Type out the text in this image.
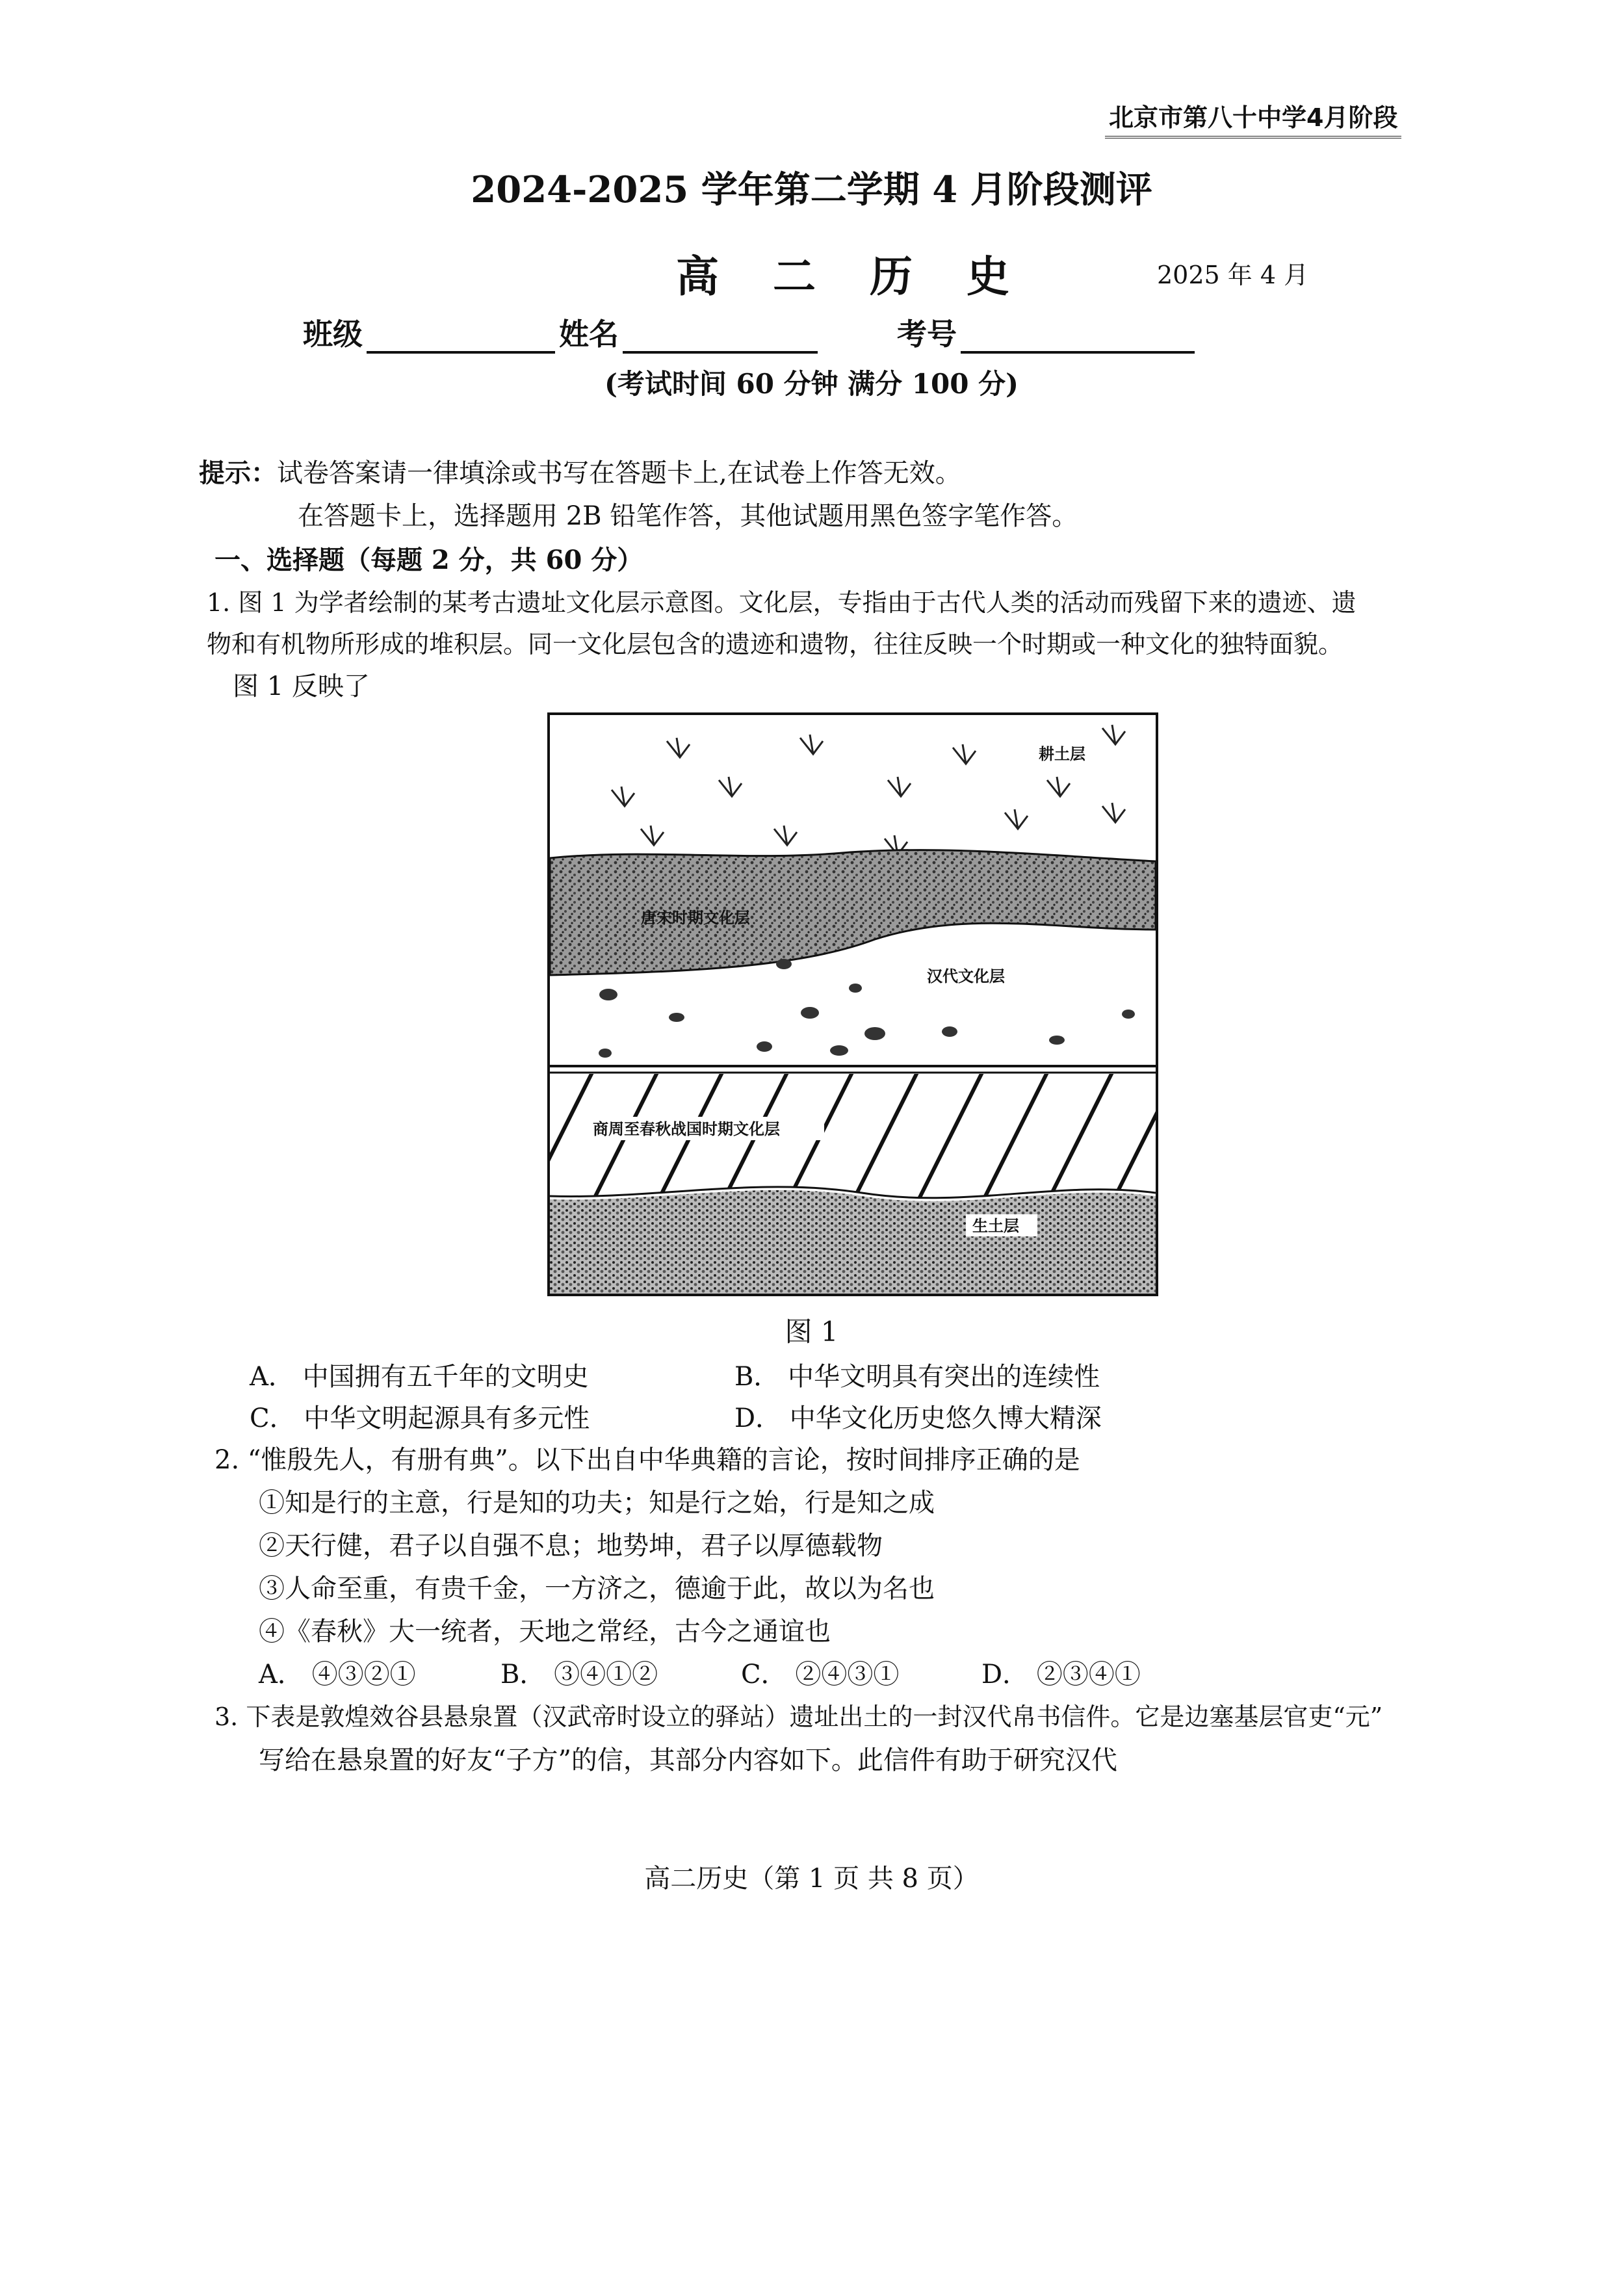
北京市第八十中学4月阶段
2024-2025 学年第二学期 4 月阶段测评
高 二 历 史	2025 年 4 月
班级	姓名	考号
(考试时间 60 分钟 满分 100 分)
提示：试卷答案请一律填涂或书写在答题卡上,在试卷上作答无效。
在答题卡上，选择题用 2B 铅笔作答，其他试题用黑色签字笔作答。
一、选择题（每题 2 分，共 60 分）
1. 图 1 为学者绘制的某考古遗址文化层示意图。文化层，专指由于古代人类的活动而残留下来的遗迹、遗
物和有机物所形成的堆积层。同一文化层包含的遗迹和遗物，往往反映一个时期或一种文化的独特面貌。
图 1 反映了
耕土层
唐宋时期文化层
汉代文化层
商周至春秋战国时期文化层
生土层
图 1
A． 中国拥有五千年的文明史	B． 中华文明具有突出的连续性
C． 中华文明起源具有多元性	D． 中华文化历史悠久博大精深
2. “惟殷先人，有册有典”。以下出自中华典籍的言论，按时间排序正确的是
①知是行的主意，行是知的功夫；知是行之始，行是知之成
②天行健，君子以自强不息；地势坤，君子以厚德载物
③人命至重，有贵千金，一方济之，德逾于此，故以为名也
④《春秋》大一统者，天地之常经，古今之通谊也
A． ④③②①	B． ③④①②	C． ②④③①	D． ②③④①
3. 下表是敦煌效谷县悬泉置（汉武帝时设立的驿站）遗址出土的一封汉代帛书信件。它是边塞基层官吏“元”
写给在悬泉置的好友“子方”的信，其部分内容如下。此信件有助于研究汉代
高二历史（第 1 页 共 8 页）
